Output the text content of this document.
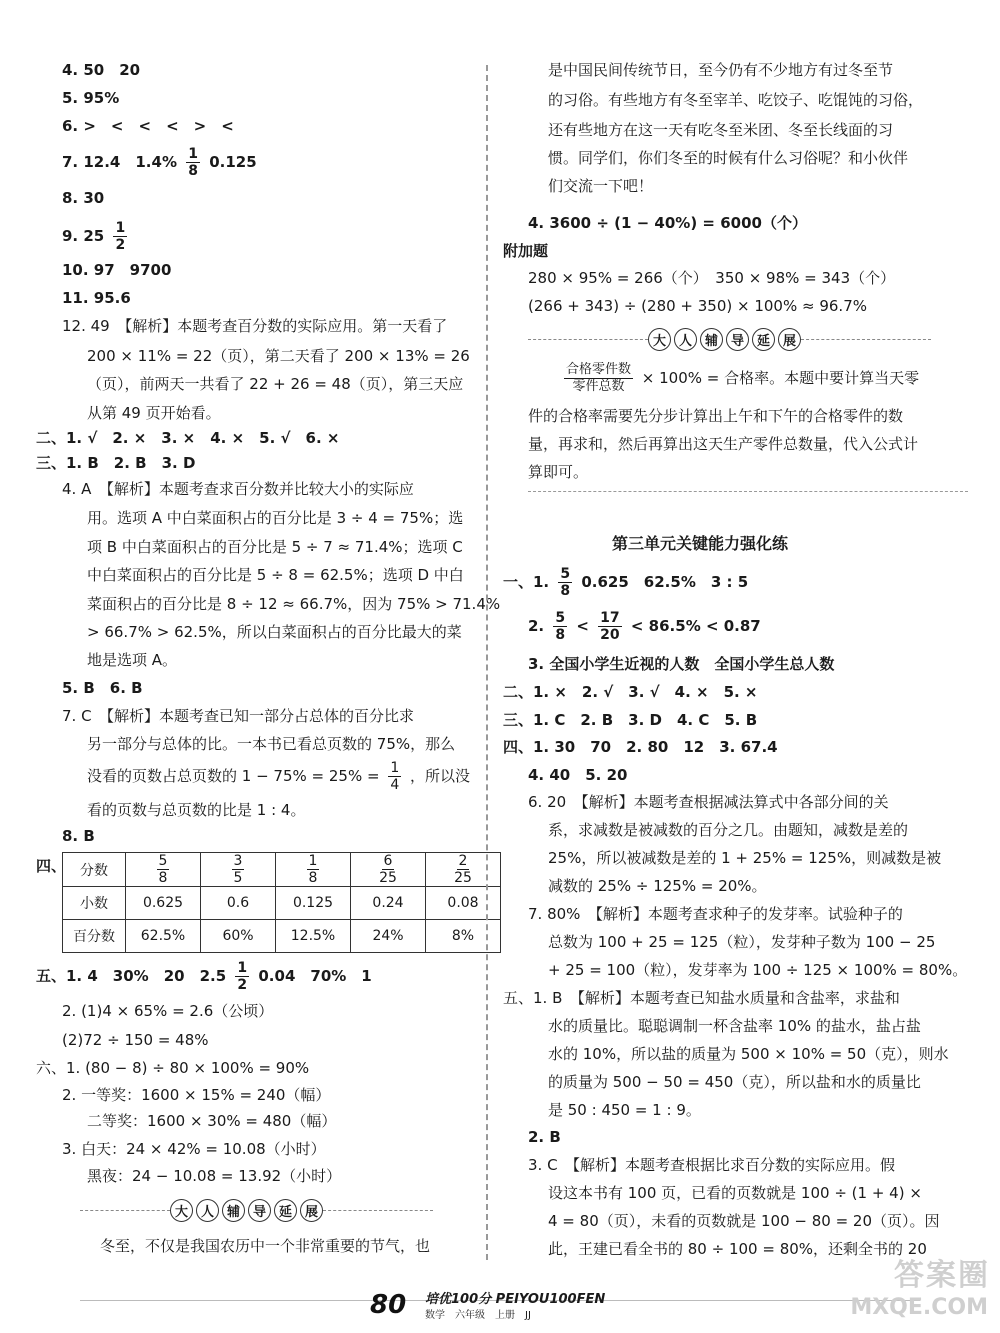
4. 50　20
5. 95%
6. >　<　<　<　>　<
7. 12.4　$1.4\% \frac{1}{8} 0.125$
8. 30
9. $25 \frac{1}{2}$
10. 97　9700
11. 95.6
12. 49　【解析】本题考查百分数的实际应用。第一天看了
200 × 11% = 22（页），第二天看了 200 × 13% = 26
（页），前两天一共看了 22 + 26 = 48（页），第三天应
从第 49 页开始看。
二、1. √　2. ×　3. ×　4. ×　5. √　6. ×
三、1. B　2. B　3. D
4. A　【解析】本题考查求百分数并比较大小的实际应
用。选项 A 中白菜面积占的百分比是 3 ÷ 4 = 75%；选
项 B 中白菜面积占的百分比是 5 ÷ 7 ≈ 71.4%；选项 C
中白菜面积占的百分比是 5 ÷ 8 = 62.5%；选项 D 中白
菜面积占的百分比是 8 ÷ 12 ≈ 66.7%，因为 75% > 71.4%
> 66.7% > 62.5%，所以白菜面积占的百分比最大的菜
地是选项 A。
5. B　6. B
7. C　【解析】本题考查已知一部分占总体的百分比求
另一部分与总体的比。一本书已看总页数的 75%，那么
没看的页数占总页数的 $1 - 75\% = 25\% = \frac{1}{4}$ ，所以没
看的页数与总页数的比是 1 : 4。
8. B
四、 分数	$\frac{5}{8}$	$\frac{3}{5}$	$\frac{1}{8}$	$\frac{6}{25}$	$\frac{2}{25}$

小数	0.625	0.6	0.125	0.24	0.08
百分数	62.5%	60%	12.5%	24%	8%
五、1. 4　30%　20　$2.5 \frac{1}{2} 0.04$　70%　1
2. (1)4 × 65% = 2.6（公顷）
(2)72 ÷ 150 = 48%
六、1. (80 − 8) ÷ 80 × 100% = 90%
2. 一等奖：1600 × 15% = 240（幅）
二等奖：1600 × 30% = 480（幅）
3. 白天：24 × 42% = 10.08（小时）
黑夜：24 − 10.08 = 13.92（小时）
大 人 辅 导 延 展
冬至，不仅是我国农历中一个非常重要的节气，也
是中国民间传统节日，至今仍有不少地方有过冬至节
的习俗。有些地方有冬至宰羊、吃饺子、吃馄饨的习俗，
还有些地方在这一天有吃冬至米团、冬至长线面的习
惯。同学们，你们冬至的时候有什么习俗呢？和小伙伴
们交流一下吧！
4. 3600 ÷ (1 − 40%) = 6000（个）
附加题
280 × 95% = 266（个）　350 × 98% = 343（个）
(266 + 343) ÷ (280 + 350) × 100% ≈ 96.7%
大 人 辅 导 延 展
$\frac{\text{合格零件数}}{\text{零件总数}} \times 100\%$ = 合格率。本题中要计算当天零
件的合格率需要先分步计算出上午和下午的合格零件的数
量，再求和，然后再算出这天生产零件总数量，代入公式计
算即可。
第三单元关键能力强化练
一、1. $\frac{5}{8} 0.625$　62.5%　3 : 5
2. $\frac{5}{8} < \frac{17}{20} < 86.5\% < 0.87$
3. 全国小学生近视的人数　全国小学生总人数
二、1. ×　2. √　3. √　4. ×　5. ×
三、1. C　2. B　3. D　4. C　5. B
四、1. 30　70　2. 80　12　3. 67.4
4. 40　5. 20
6. 20　【解析】本题考查根据减法算式中各部分间的关
系，求减数是被减数的百分之几。由题知，减数是差的
25%，所以被减数是差的 1 + 25% = 125%，则减数是被
减数的 25% ÷ 125% = 20%。
7. 80%　【解析】本题考查求种子的发芽率。试验种子的
总数为 100 + 25 = 125（粒），发芽种子数为 100 − 25
+ 25 = 100（粒），发芽率为 100 ÷ 125 × 100% = 80%。
五、1. B　【解析】本题考查已知盐水质量和含盐率，求盐和
水的质量比。聪聪调制一杯含盐率 10% 的盐水，盐占盐
水的 10%，所以盐的质量为 500 × 10% = 50（克），则水
的质量为 500 − 50 = 450（克），所以盐和水的质量比
是 50 : 450 = 1 : 9。
2. B
3. C　【解析】本题考查根据比求百分数的实际应用。假
设这本书有 100 页，已看的页数就是 100 ÷ (1 + 4) ×
4 = 80（页），未看的页数就是 100 − 80 = 20（页）。因
此，王建已看全书的 80 ÷ 100 = 80%，还剩全书的 20
80 培优100分 PEIYOU100FEN
数学　六年级　上册　JJ
答案圈
MXQE.COM
